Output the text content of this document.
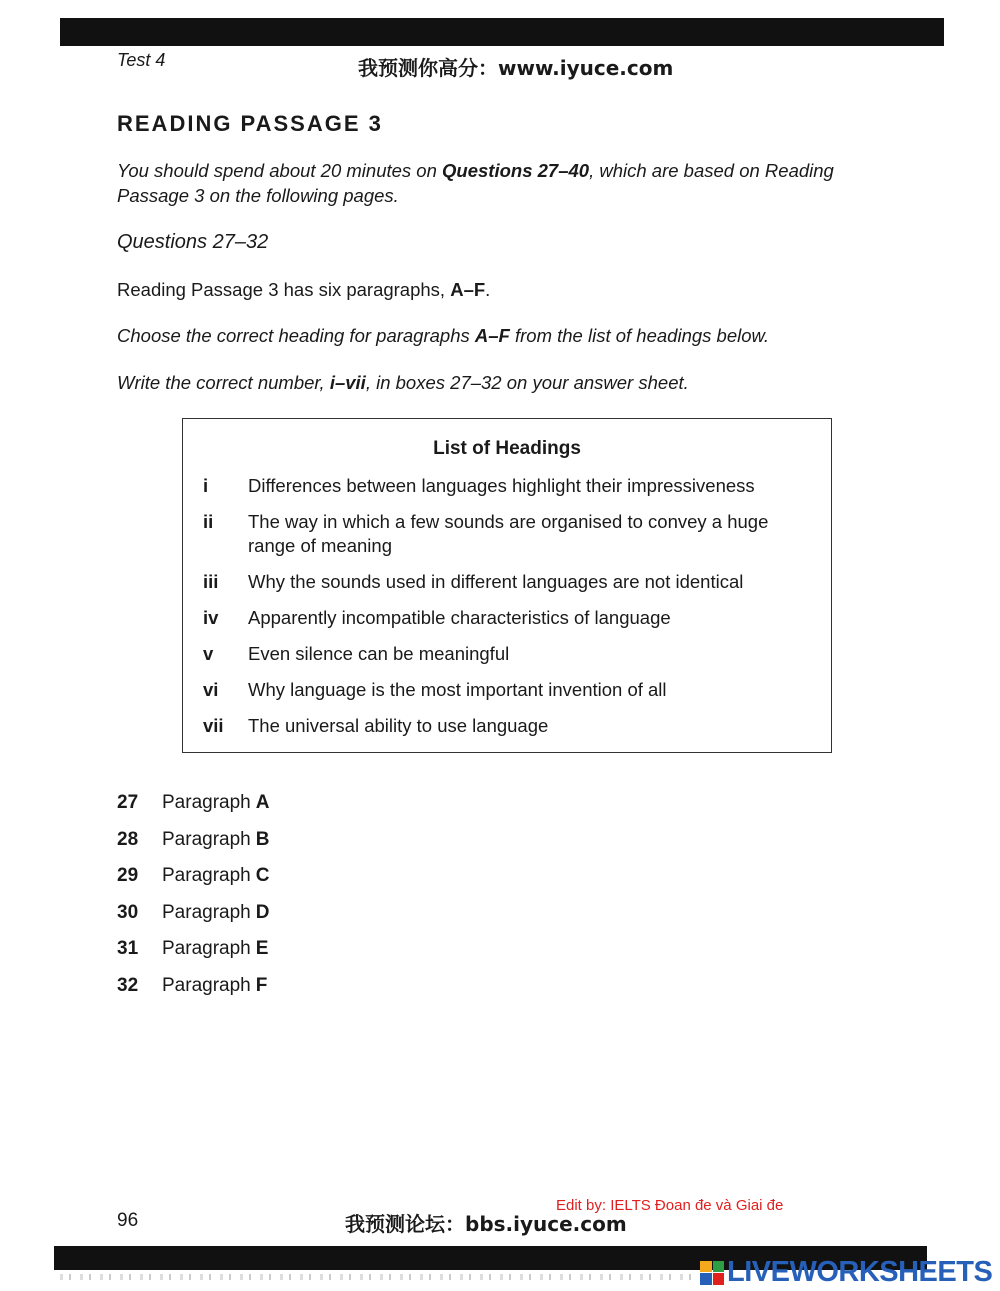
Test 4	我预测你高分：www.iyuce.com
READING PASSAGE 3
You should spend about 20 minutes on Questions 27–40, which are based on Reading Passage 3 on the following pages.
Questions 27–32
Reading Passage 3 has six paragraphs, A–F.
Choose the correct heading for paragraphs A–F from the list of headings below.
Write the correct number, i–vii, in boxes 27–32 on your answer sheet.
List of Headings
i	Differences between languages highlight their impressiveness
ii	The way in which a few sounds are organised to convey a huge range of meaning
iii	Why the sounds used in different languages are not identical
iv	Apparently incompatible characteristics of language
v	Even silence can be meaningful
vi	Why language is the most important invention of all
vii	The universal ability to use language
27	Paragraph A
28	Paragraph B
29	Paragraph C
30	Paragraph D
31	Paragraph E
32	Paragraph F
96
Edit by: IELTS Đoan đe và Giai đe
我预测论坛：bbs.iyuce.com
LIVEWORKSHEETS
